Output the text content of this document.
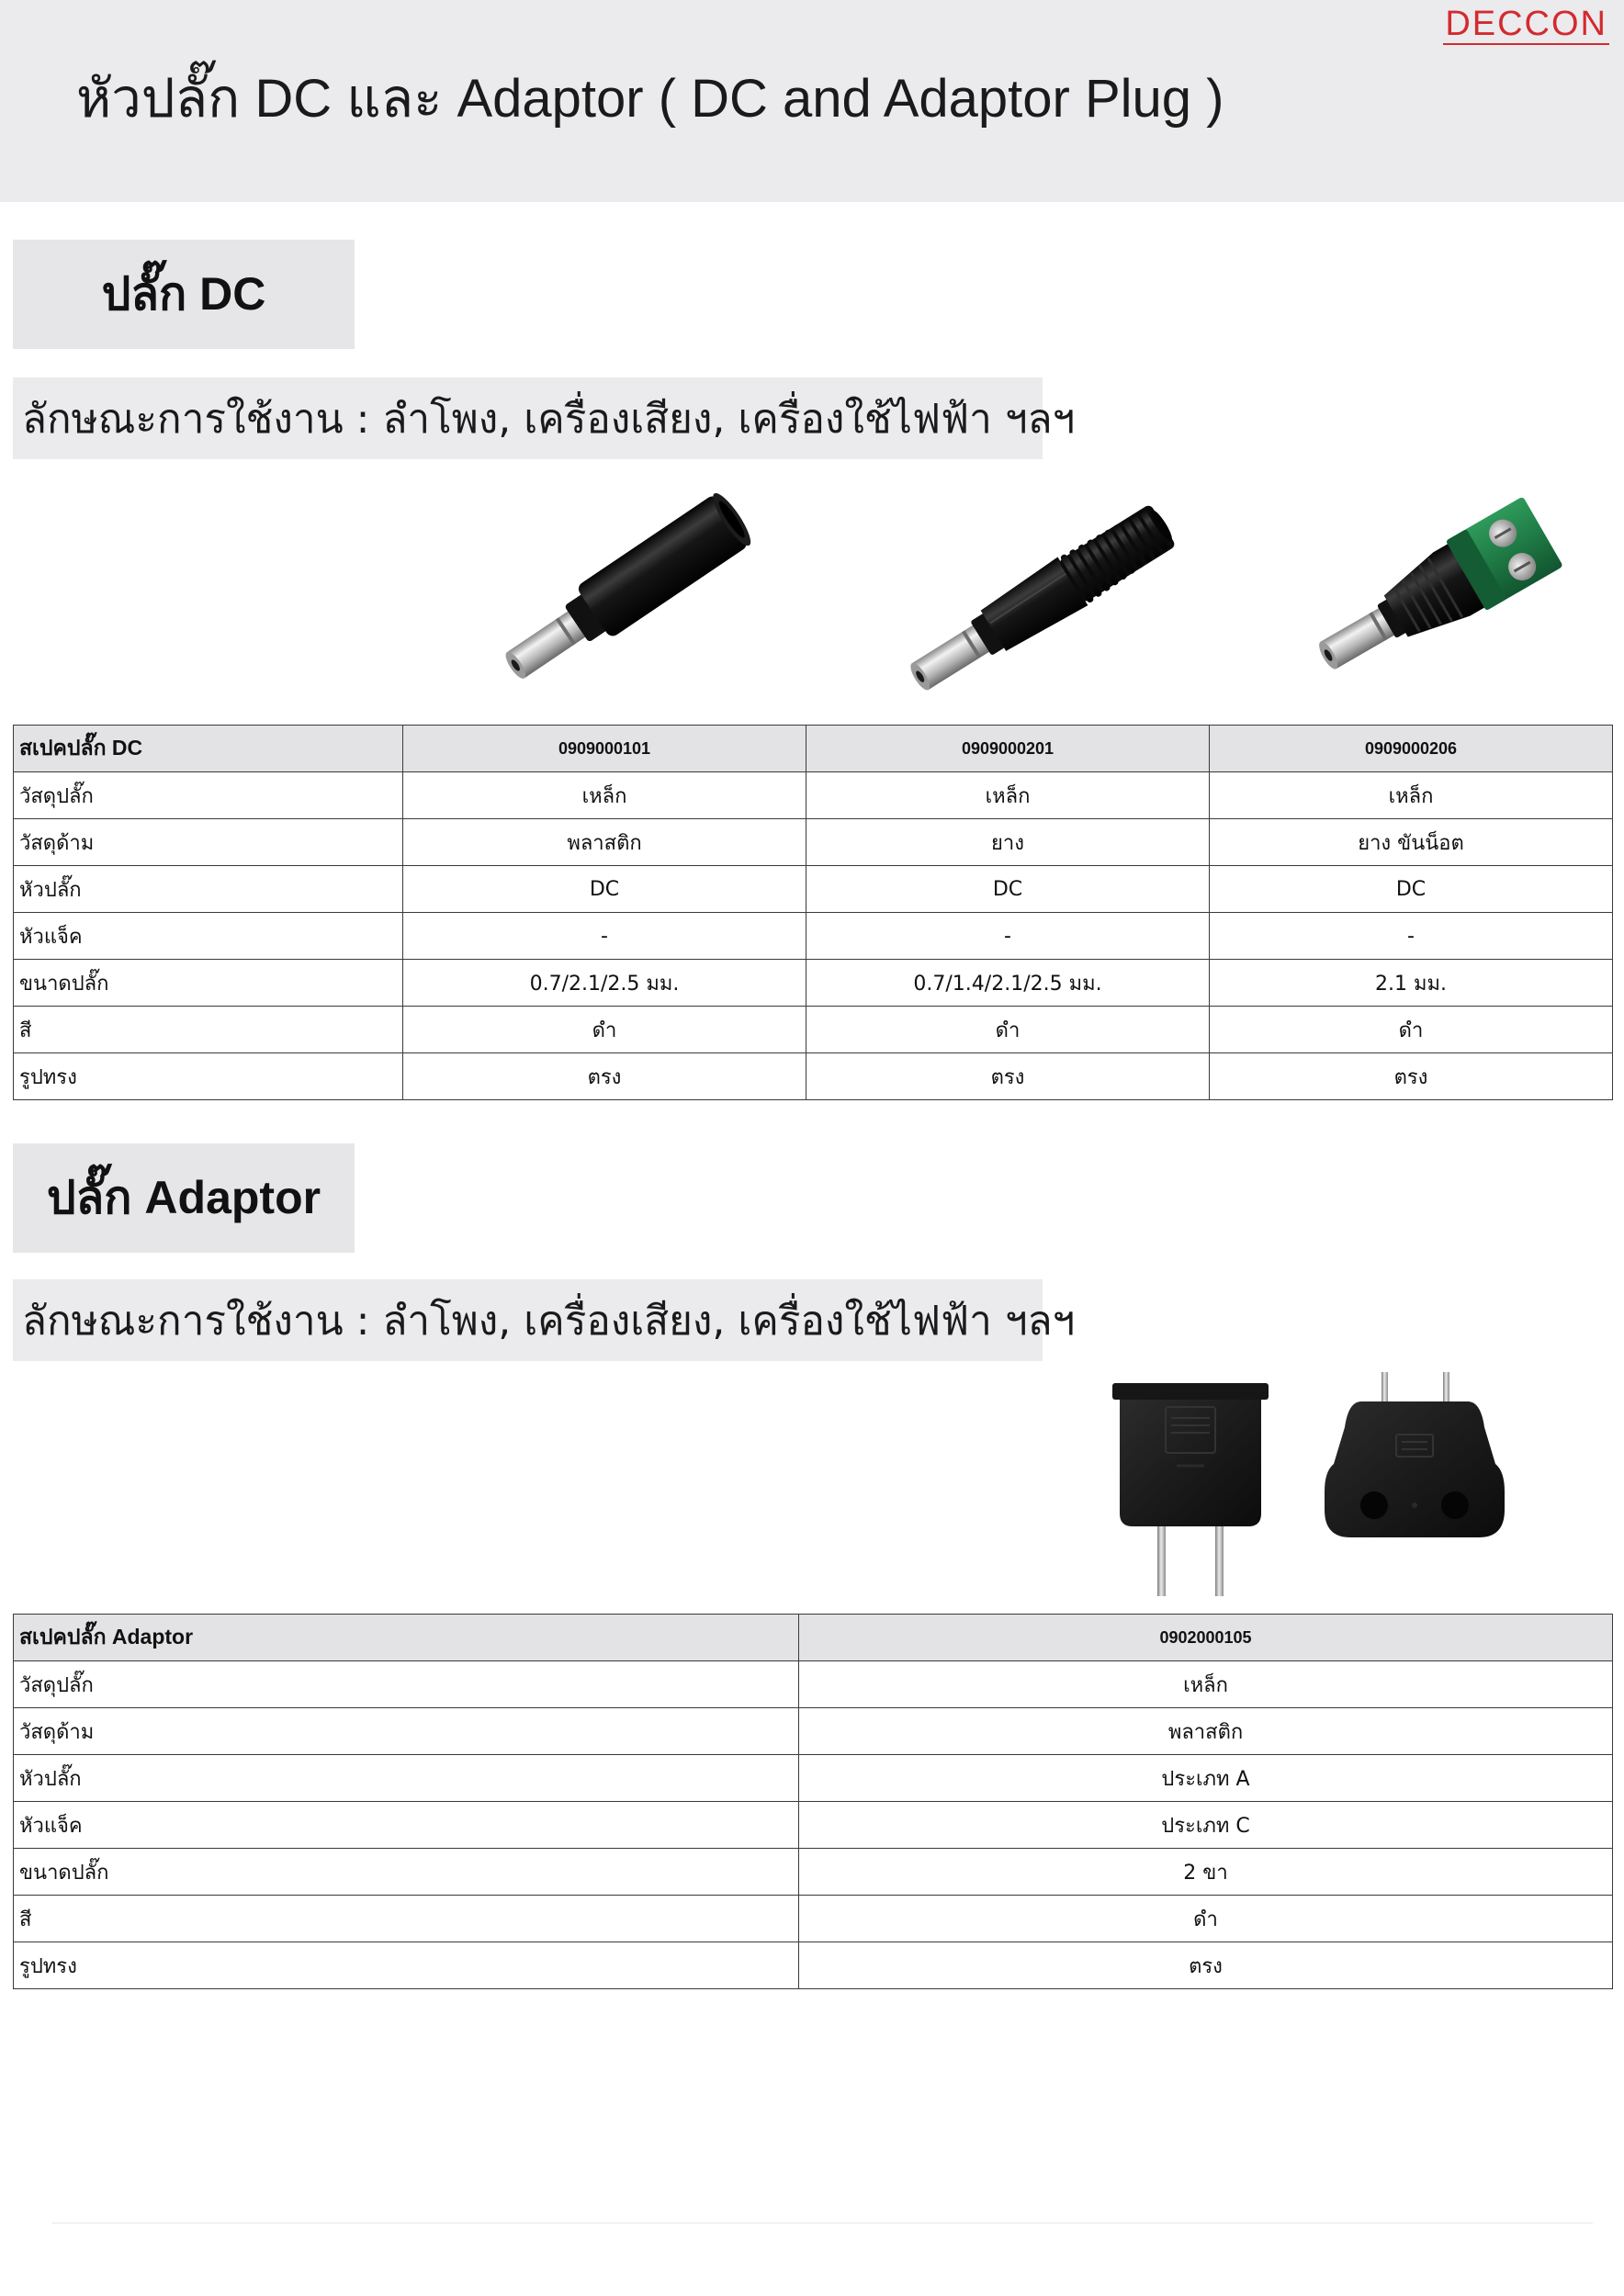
DECCON
หัวปลั๊ก DC และ Adaptor ( DC and Adaptor Plug )
ปลั๊ก DC
ลักษณะการใช้งาน : ลำโพง, เครื่องเสียง, เครื่องใช้ไฟฟ้า ฯลฯ
สเปคปลั๊ก DC	0909000101	0909000201	0909000206
วัสดุปลั๊ก	เหล็ก	เหล็ก	เหล็ก
วัสดุด้าม	พลาสติก	ยาง	ยาง ขันน็อต
หัวปลั๊ก	DC	DC	DC
หัวแจ็ค	-	-	-
ขนาดปลั๊ก	0.7/2.1/2.5 มม.	0.7/1.4/2.1/2.5 มม.	2.1 มม.
สี	ดำ	ดำ	ดำ
รูปทรง	ตรง	ตรง	ตรง
ปลั๊ก Adaptor
ลักษณะการใช้งาน : ลำโพง, เครื่องเสียง, เครื่องใช้ไฟฟ้า ฯลฯ
สเปคปลั๊ก Adaptor	0902000105
วัสดุปลั๊ก	เหล็ก
วัสดุด้าม	พลาสติก
หัวปลั๊ก	ประเภท A
หัวแจ็ค	ประเภท C
ขนาดปลั๊ก	2 ขา
สี	ดำ
รูปทรง	ตรง
